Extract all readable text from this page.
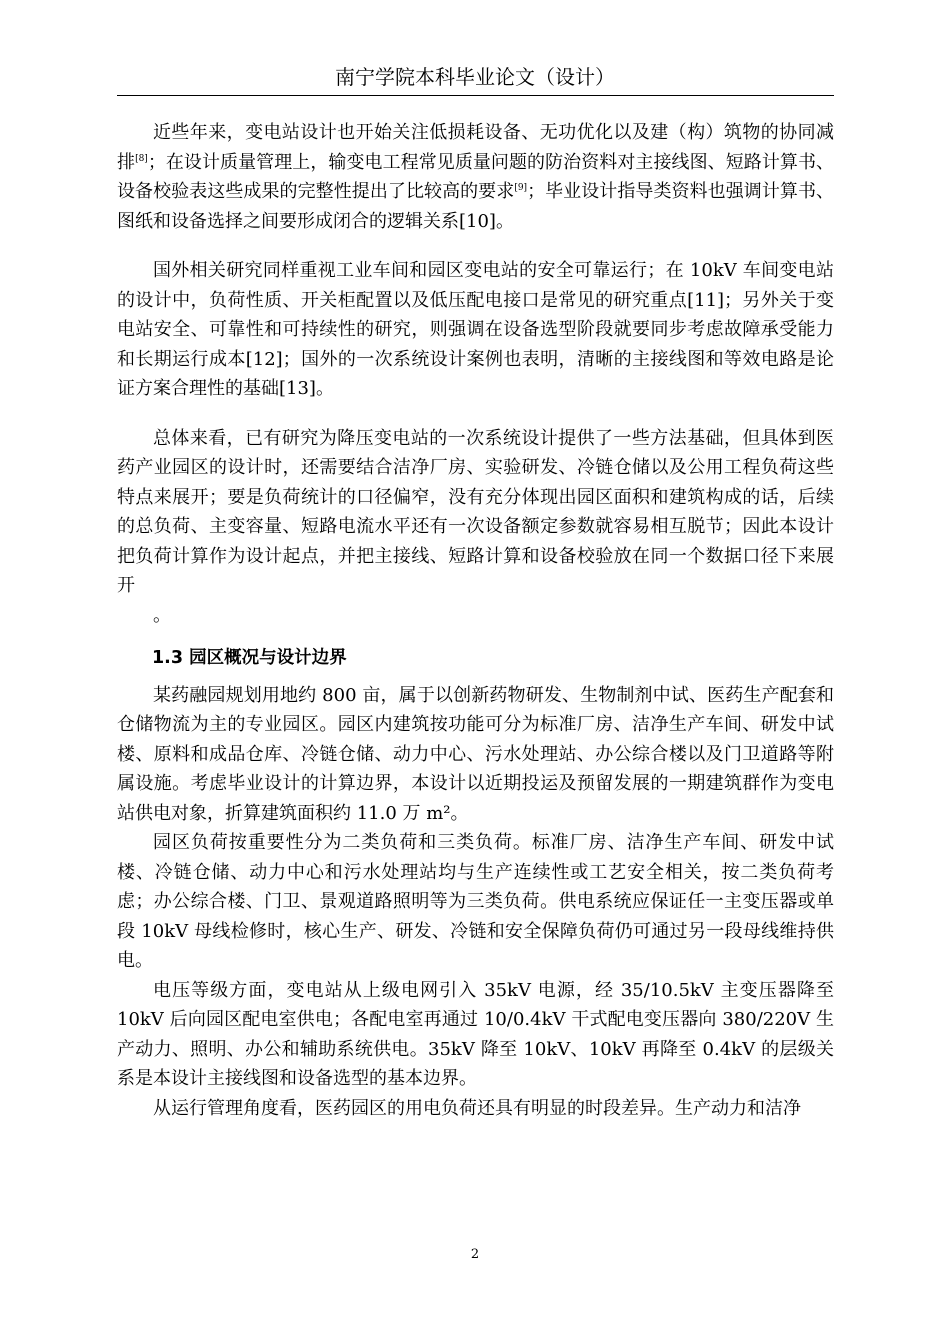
南宁学院本科毕业论文（设计）

近些年来，变电站设计也开始关注低损耗设备、无功优化以及建（构）筑物的协同减排[8]；在设计质量管理上，输变电工程常见质量问题的防治资料对主接线图、短路计算书、设备校验表这些成果的完整性提出了比较高的要求[9]；毕业设计指导类资料也强调计算书、图纸和设备选择之间要形成闭合的逻辑关系[10]。

国外相关研究同样重视工业车间和园区变电站的安全可靠运行；在 10kV 车间变电站的设计中，负荷性质、开关柜配置以及低压配电接口是常见的研究重点[11]；另外关于变电站安全、可靠性和可持续性的研究，则强调在设备选型阶段就要同步考虑故障承受能力和长期运行成本[12]；国外的一次系统设计案例也表明，清晰的主接线图和等效电路是论证方案合理性的基础[13]。

总体来看，已有研究为降压变电站的一次系统设计提供了一些方法基础，但具体到医药产业园区的设计时，还需要结合洁净厂房、实验研发、冷链仓储以及公用工程负荷这些特点来展开；要是负荷统计的口径偏窄，没有充分体现出园区面积和建筑构成的话，后续的总负荷、主变容量、短路电流水平还有一次设备额定参数就容易相互脱节；因此本设计把负荷计算作为设计起点，并把主接线、短路计算和设备校验放在同一个数据口径下来展开

。
1.3 园区概况与设计边界

某药融园规划用地约 800 亩，属于以创新药物研发、生物制剂中试、医药生产配套和仓储物流为主的专业园区。园区内建筑按功能可分为标准厂房、洁净生产车间、研发中试楼、原料和成品仓库、冷链仓储、动力中心、污水处理站、办公综合楼以及门卫道路等附属设施。考虑毕业设计的计算边界，本设计以近期投运及预留发展的一期建筑群作为变电站供电对象，折算建筑面积约 11.0 万 m²。

园区负荷按重要性分为二类负荷和三类负荷。标准厂房、洁净生产车间、研发中试楼、冷链仓储、动力中心和污水处理站均与生产连续性或工艺安全相关，按二类负荷考虑；办公综合楼、门卫、景观道路照明等为三类负荷。供电系统应保证任一主变压器或单段 10kV 母线检修时，核心生产、研发、冷链和安全保障负荷仍可通过另一段母线维持供电。

电压等级方面，变电站从上级电网引入 35kV 电源，经 35/10.5kV 主变压器降至 10kV 后向园区配电室供电；各配电室再通过 10/0.4kV 干式配电变压器向 380/220V 生产动力、照明、办公和辅助系统供电。35kV 降至 10kV、10kV 再降至 0.4kV 的层级关系是本设计主接线图和设备选型的基本边界。

从运行管理角度看，医药园区的用电负荷还具有明显的时段差异。生产动力和洁净

2
